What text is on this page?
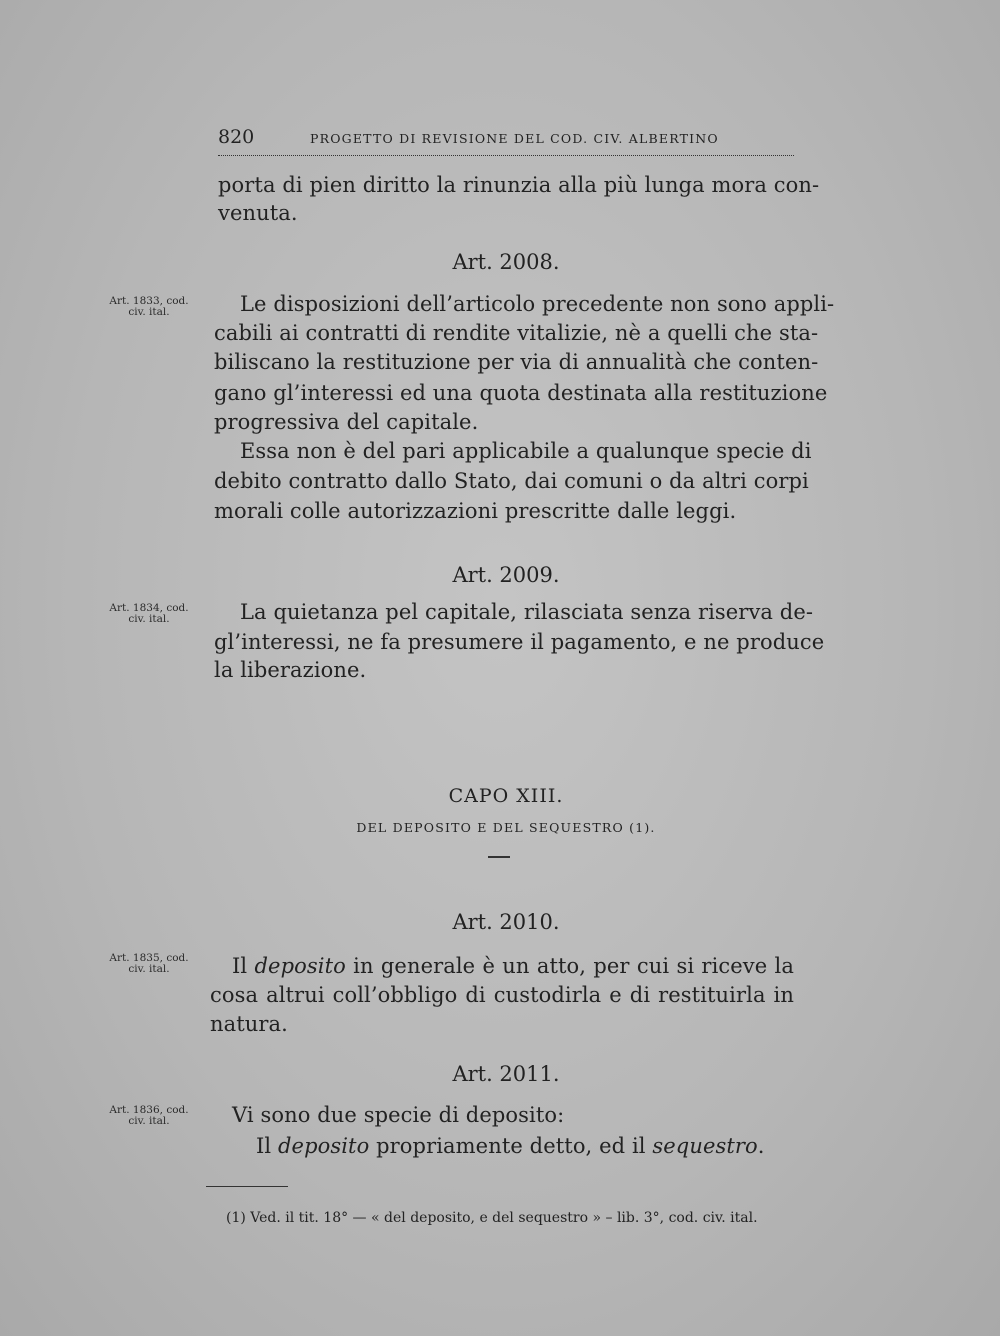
820	PROGETTO DI REVISIONE DEL COD. CIV. ALBERTINO
porta di pien diritto la rinunzia alla più lunga mora con-
venuta.
Art. 2008.
Art. 1833, cod.
civ. ital.	Le disposizioni dell’articolo precedente non sono appli-
cabili ai contratti di rendite vitalizie, nè a quelli che sta-
biliscano la restituzione per via di annualità che conten-
gano gl’interessi ed una quota destinata alla restituzione
progressiva del capitale.
Essa non è del pari applicabile a qualunque specie di
debito contratto dallo Stato, dai comuni o da altri corpi
morali colle autorizzazioni prescritte dalle leggi.
Art. 2009.
Art. 1834, cod.
civ. ital.	La quietanza pel capitale, rilasciata senza riserva de-
gl’interessi, ne fa presumere il pagamento, e ne produce
la liberazione.
CAPO XIII.
DEL DEPOSITO E DEL SEQUESTRO (1).
Art. 2010.
Art. 1835, cod.
civ. ital.	Il deposito in generale è un atto, per cui si riceve la
cosa altrui coll’obbligo di custodirla e di restituirla in
natura.
Art. 2011.
Art. 1836, cod.
civ. ital.	Vi sono due specie di deposito:
Il deposito propriamente detto, ed il sequestro.
(1) Ved. il tit. 18° — « del deposito, e del sequestro » – lib. 3°, cod. civ. ital.
